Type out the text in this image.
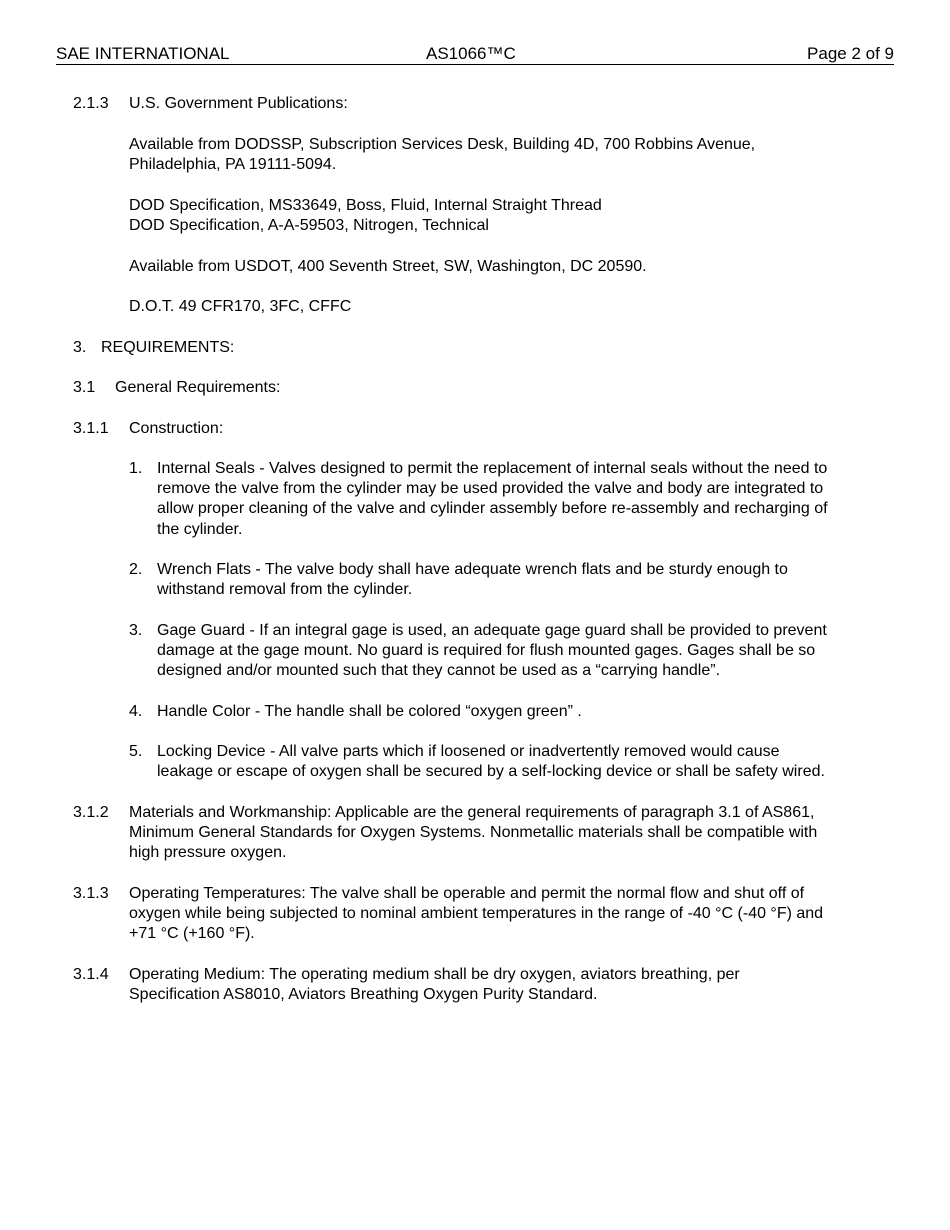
SAE INTERNATIONAL	AS1066™C	Page 2 of 9
2.1.3 U.S. Government Publications:
Available from DODSSP, Subscription Services Desk, Building 4D, 700 Robbins Avenue,
Philadelphia, PA 19111-5094.
DOD Specification, MS33649, Boss, Fluid, Internal Straight Thread
DOD Specification, A-A-59503, Nitrogen, Technical
Available from USDOT, 400 Seventh Street, SW, Washington, DC 20590.
D.O.T. 49 CFR170, 3FC, CFFC
3. REQUIREMENTS:
3.1 General Requirements:
3.1.1 Construction:
1. Internal Seals - Valves designed to permit the replacement of internal seals without the need to
remove the valve from the cylinder may be used provided the valve and body are integrated to
allow proper cleaning of the valve and cylinder assembly before re-assembly and recharging of
the cylinder.
2. Wrench Flats - The valve body shall have adequate wrench flats and be sturdy enough to
withstand removal from the cylinder.
3. Gage Guard - If an integral gage is used, an adequate gage guard shall be provided to prevent
damage at the gage mount. No guard is required for flush mounted gages. Gages shall be so
designed and/or mounted such that they cannot be used as a “carrying handle”.
4. Handle Color - The handle shall be colored “oxygen green” .
5. Locking Device - All valve parts which if loosened or inadvertently removed would cause
leakage or escape of oxygen shall be secured by a self-locking device or shall be safety wired.
3.1.2 Materials and Workmanship: Applicable are the general requirements of paragraph 3.1 of AS861,
Minimum General Standards for Oxygen Systems. Nonmetallic materials shall be compatible with
high pressure oxygen.
3.1.3 Operating Temperatures: The valve shall be operable and permit the normal flow and shut off of
oxygen while being subjected to nominal ambient temperatures in the range of -40 °C (-40 °F) and
+71 °C (+160 °F).
3.1.4 Operating Medium: The operating medium shall be dry oxygen, aviators breathing, per
Specification AS8010, Aviators Breathing Oxygen Purity Standard.
